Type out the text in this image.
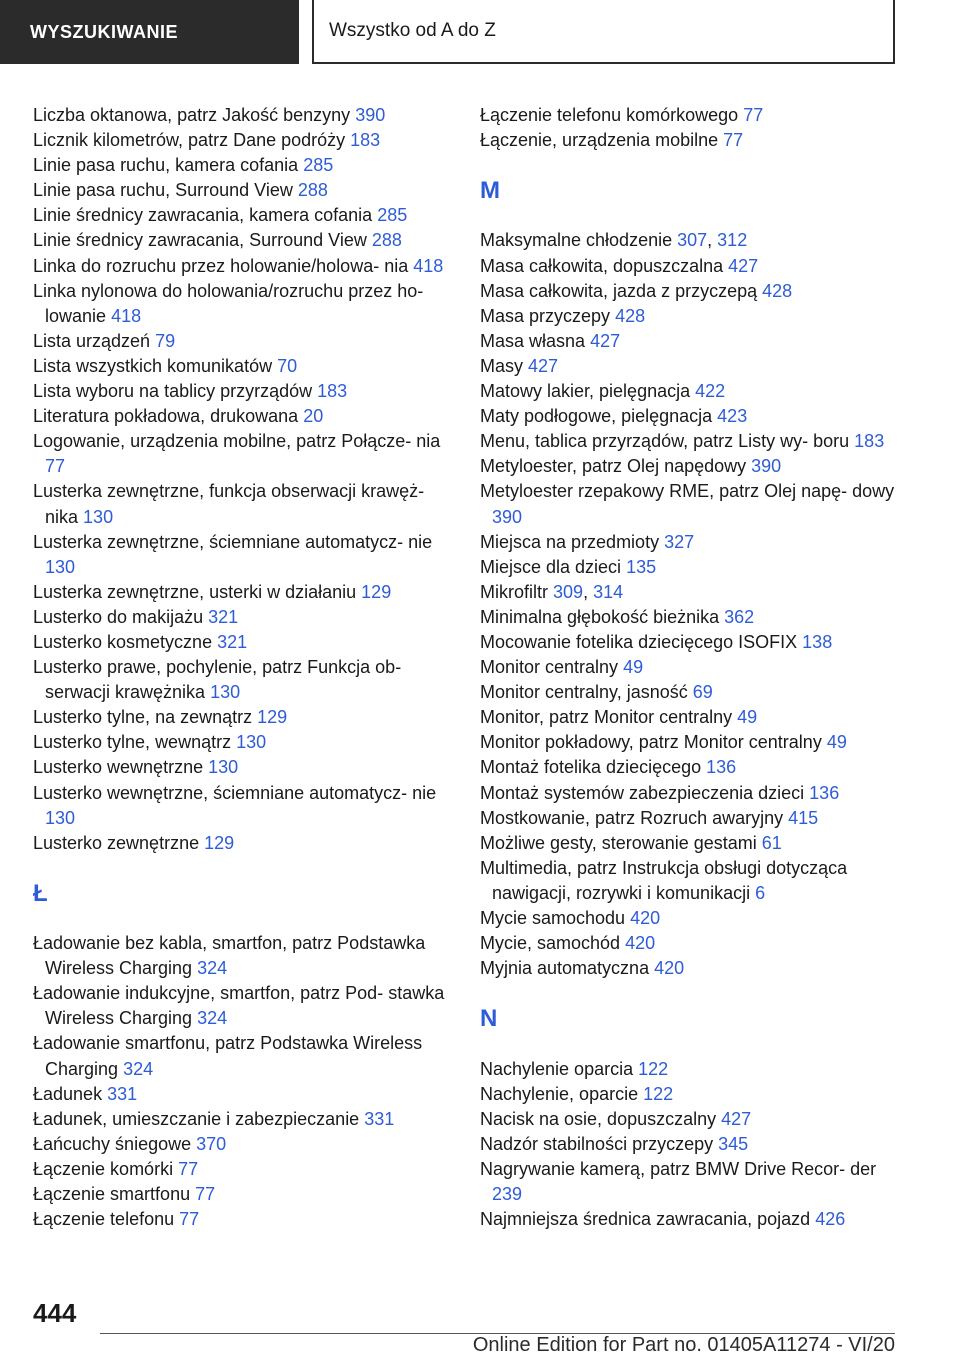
WYSZUKIWANIE	Wszystko od A do Z
Liczba oktanowa, patrz Jakość benzyny 390
Licznik kilometrów, patrz Dane podróży 183
Linie pasa ruchu, kamera cofania 285
Linie pasa ruchu, Surround View 288
Linie średnicy zawracania, kamera cofania 285
Linie średnicy zawracania, Surround View 288
Linka do rozruchu przez holowanie/holowa‐ nia 418
Linka nylonowa do holowania/rozruchu przez ho‐ lowanie 418
Lista urządzeń 79
Lista wszystkich komunikatów 70
Lista wyboru na tablicy przyrządów 183
Literatura pokładowa, drukowana 20
Logowanie, urządzenia mobilne, patrz Połącze‐ nia 77
Lusterka zewnętrzne, funkcja obserwacji krawęż‐ nika 130
Lusterka zewnętrzne, ściemniane automatycz‐ nie 130
Lusterka zewnętrzne, usterki w działaniu 129
Lusterko do makijażu 321
Lusterko kosmetyczne 321
Lusterko prawe, pochylenie, patrz Funkcja ob‐ serwacji krawężnika 130
Lusterko tylne, na zewnątrz 129
Lusterko tylne, wewnątrz 130
Lusterko wewnętrzne 130
Lusterko wewnętrzne, ściemniane automatycz‐ nie 130
Lusterko zewnętrzne 129
Ł
Ładowanie bez kabla, smartfon, patrz Podstawka Wireless Charging 324
Ładowanie indukcyjne, smartfon, patrz Pod‐ stawka Wireless Charging 324
Ładowanie smartfonu, patrz Podstawka Wireless Charging 324
Ładunek 331
Ładunek, umieszczanie i zabezpieczanie 331
Łańcuchy śniegowe 370
Łączenie komórki 77
Łączenie smartfonu 77
Łączenie telefonu 77
Łączenie telefonu komórkowego 77
Łączenie, urządzenia mobilne 77
M
Maksymalne chłodzenie 307, 312
Masa całkowita, dopuszczalna 427
Masa całkowita, jazda z przyczepą 428
Masa przyczepy 428
Masa własna 427
Masy 427
Matowy lakier, pielęgnacja 422
Maty podłogowe, pielęgnacja 423
Menu, tablica przyrządów, patrz Listy wy‐ boru 183
Metyloester, patrz Olej napędowy 390
Metyloester rzepakowy RME, patrz Olej napę‐ dowy 390
Miejsca na przedmioty 327
Miejsce dla dzieci 135
Mikrofiltr 309, 314
Minimalna głębokość bieżnika 362
Mocowanie fotelika dziecięcego ISOFIX 138
Monitor centralny 49
Monitor centralny, jasność 69
Monitor, patrz Monitor centralny 49
Monitor pokładowy, patrz Monitor centralny 49
Montaż fotelika dziecięcego 136
Montaż systemów zabezpieczenia dzieci 136
Mostkowanie, patrz Rozruch awaryjny 415
Możliwe gesty, sterowanie gestami 61
Multimedia, patrz Instrukcja obsługi dotycząca nawigacji, rozrywki i komunikacji 6
Mycie samochodu 420
Mycie, samochód 420
Myjnia automatyczna 420
N
Nachylenie oparcia 122
Nachylenie, oparcie 122
Nacisk na osie, dopuszczalny 427
Nadzór stabilności przyczepy 345
Nagrywanie kamerą, patrz BMW Drive Recor‐ der 239
Najmniejsza średnica zawracania, pojazd 426
444
Online Edition for Part no. 01405A11274 - VI/20
